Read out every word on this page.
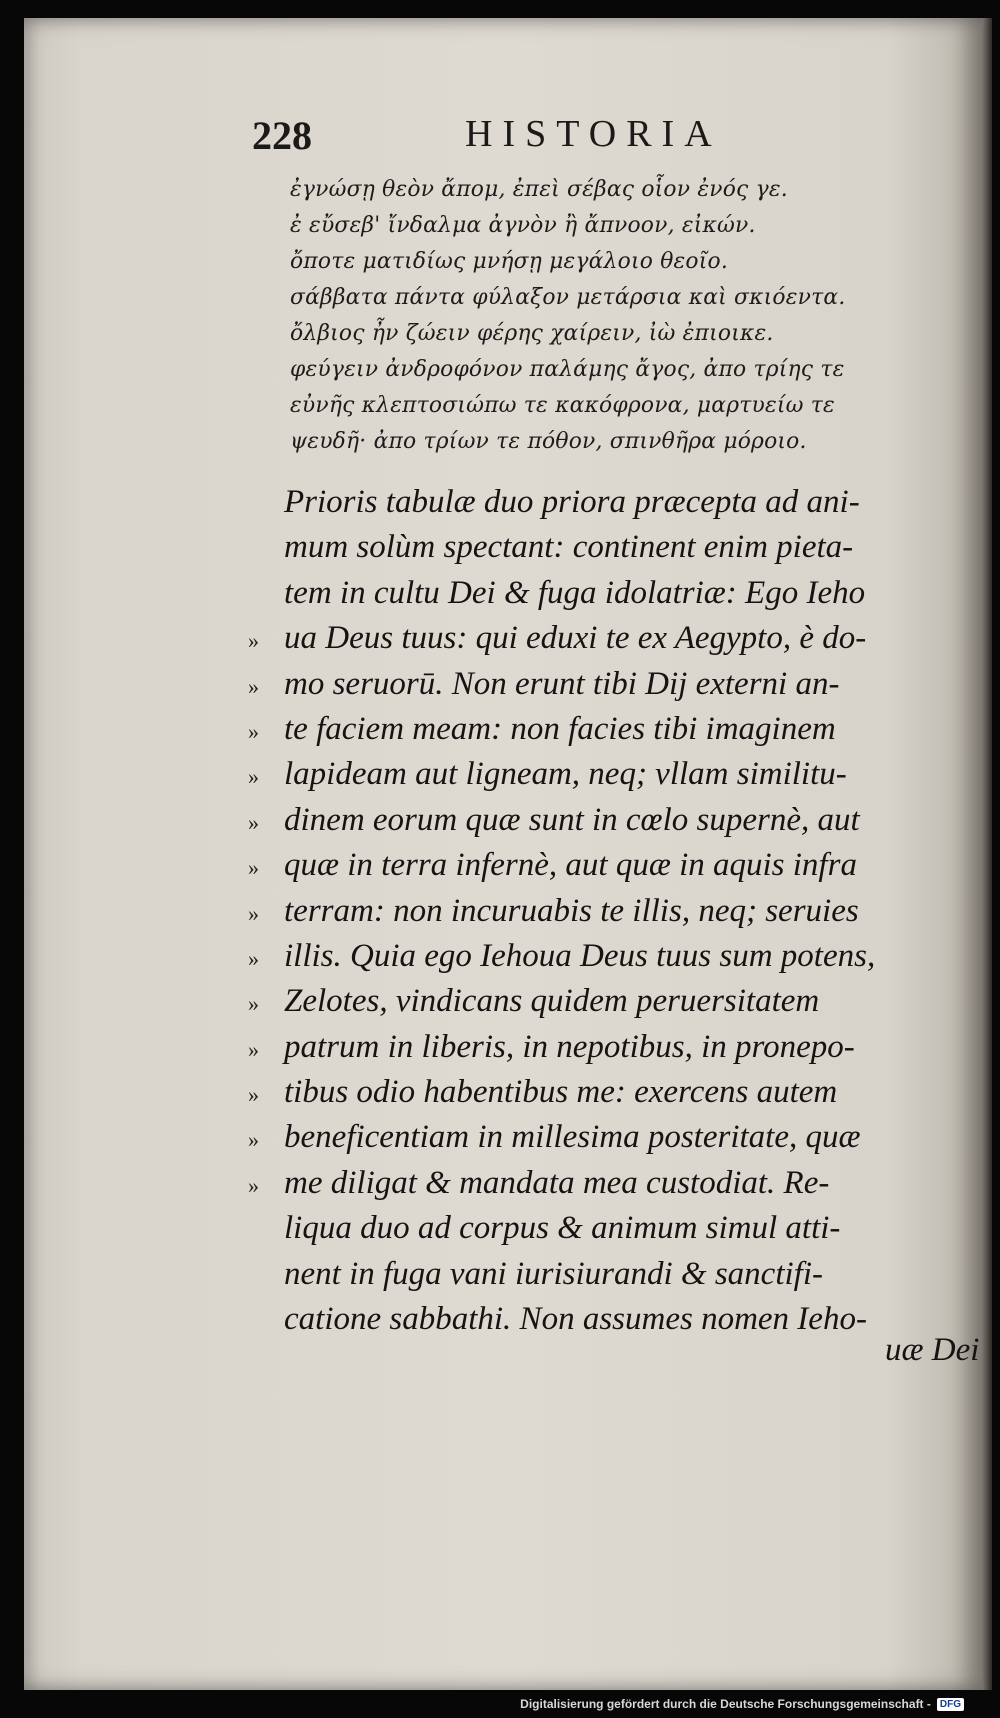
228	HISTORIA
ἐγνώσῃ θεὸν ἄπομ, ἐπεὶ σέβας οἷον ἐνός γε.
ἐ εὔσεβ' ἴνδαλμα ἀγνὸν ἢ ἄπνοον, εἰκών.
ὄποτε ματιδίως μνήσῃ μεγάλοιο θεοῖο.
σάββατα πάντα φύλαξον μετάρσια καὶ σκιόεντα.
ὄλβιος ἦν ζώειν φέρης χαίρειν, ἰὼ ἐπιοικε.
φεύγειν ἀνδροφόνον παλάμης ἄγος, ἀπο τρίης τε
εὐνῆς κλεπτοσιώπω τε κακόφρονα, μαρτυείω τε
ψευδῆ· ἀπο τρίων τε πόθον, σπινθῆρα μόροιο.
Prioris tabulæ duo priora præcepta ad ani-
mum solùm spectant: continent enim pieta-
tem in cultu Dei & fuga idolatriæ: Ego Ieho
» ua Deus tuus: qui eduxi te ex Aegypto, è do-
» mo seruorū. Non erunt tibi Dij externi an-
» te faciem meam: non facies tibi imaginem
» lapideam aut ligneam, neq; vllam similitu-
» dinem eorum quæ sunt in cœlo supernè, aut
» quæ in terra infernè, aut quæ in aquis infra
» terram: non incuruabis te illis, neq; seruies
» illis. Quia ego Iehoua Deus tuus sum potens,
» Zelotes, vindicans quidem peruersitatem
» patrum in liberis, in nepotibus, in pronepo-
» tibus odio habentibus me: exercens autem
» beneficentiam in millesima posteritate, quæ
» me diligat & mandata mea custodiat. Re-
liqua duo ad corpus & animum simul atti-
nent in fuga vani iurisiurandi & sanctifi-
catione sabbathi. Non assumes nomen Ieho-
uæ Dei
Digitalisierung gefördert durch die Deutsche Forschungsgemeinschaft - DFG
